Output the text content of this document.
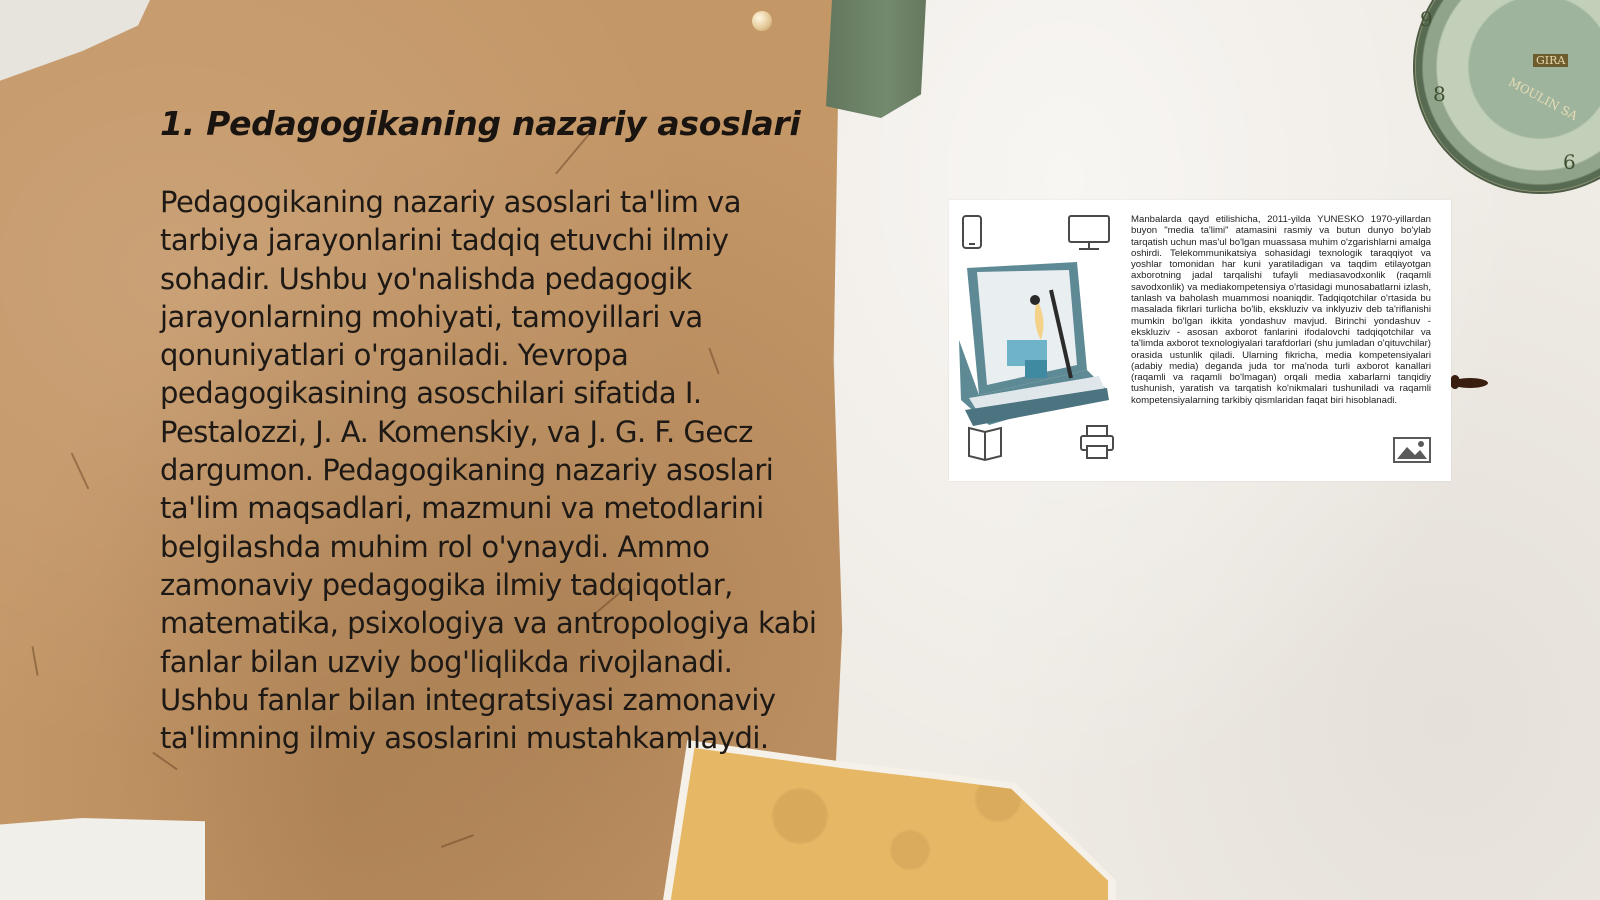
9
8
6
GIRA
MOULIN SA
1. Pedagogikaning nazariy asoslari

Pedagogikaning nazariy asoslari ta'lim va tarbiya jarayonlarini tadqiq etuvchi ilmiy sohadir. Ushbu yo'nalishda pedagogik jarayonlarning mohiyati, tamoyillari va qonuniyatlari o'rganiladi. Yevropa pedagogikasining asoschilari sifatida I. Pestalozzi, J. A. Komenskiy, va J. G. F. Gecz dargumon. Pedagogikaning nazariy asoslari ta'lim maqsadlari, mazmuni va metodlarini belgilashda muhim rol o'ynaydi. Ammo zamonaviy pedagogika ilmiy tadqiqotlar, matematika, psixologiya va antropologiya kabi fanlar bilan uzviy bog'liqlikda rivojlanadi. Ushbu fanlar bilan integratsiyasi zamonaviy ta'limning ilmiy asoslarini mustahkamlaydi.

Manbalarda qayd etilishicha, 2011-yilda YUNESKO 1970-yillardan buyon "media ta'limi" atamasini rasmiy va butun dunyo bo'ylab tarqatish uchun mas'ul bo'lgan muassasa muhim o'zgarishlarni amalga oshirdi. Telekommunikatsiya sohasidagi texnologik taraqqiyot va yoshlar tomonidan har kuni yaratiladigan va taqdim etilayotgan axborotning jadal tarqalishi tufayli mediasavodxonlik (raqamli savodxonlik) va mediakompetensiya o'rtasidagi munosabatlarni izlash, tanlash va baholash muammosi noaniqdir. Tadqiqotchilar o'rtasida bu masalada fikrlari turlicha bo'lib, ekskluziv va inklyuziv deb ta'riflanishi mumkin bo'lgan ikkita yondashuv mavjud. Birinchi yondashuv - ekskluziv - asosan axborot fanlarini ifodalovchi tadqiqotchilar va ta'limda axborot texnologiyalari tarafdorlari (shu jumladan o'qituvchilar) orasida ustunlik qiladi. Ularning fikricha, media kompetensiyalari (adabiy media) deganda juda tor ma'noda turli axborot kanallari (raqamli va raqamli bo'lmagan) orqali media xabarlarni tanqidiy tushunish, yaratish va tarqatish ko'nikmalari tushuniladi va raqamli kompetensiyalarning tarkibiy qismlaridan faqat biri hisoblanadi.
